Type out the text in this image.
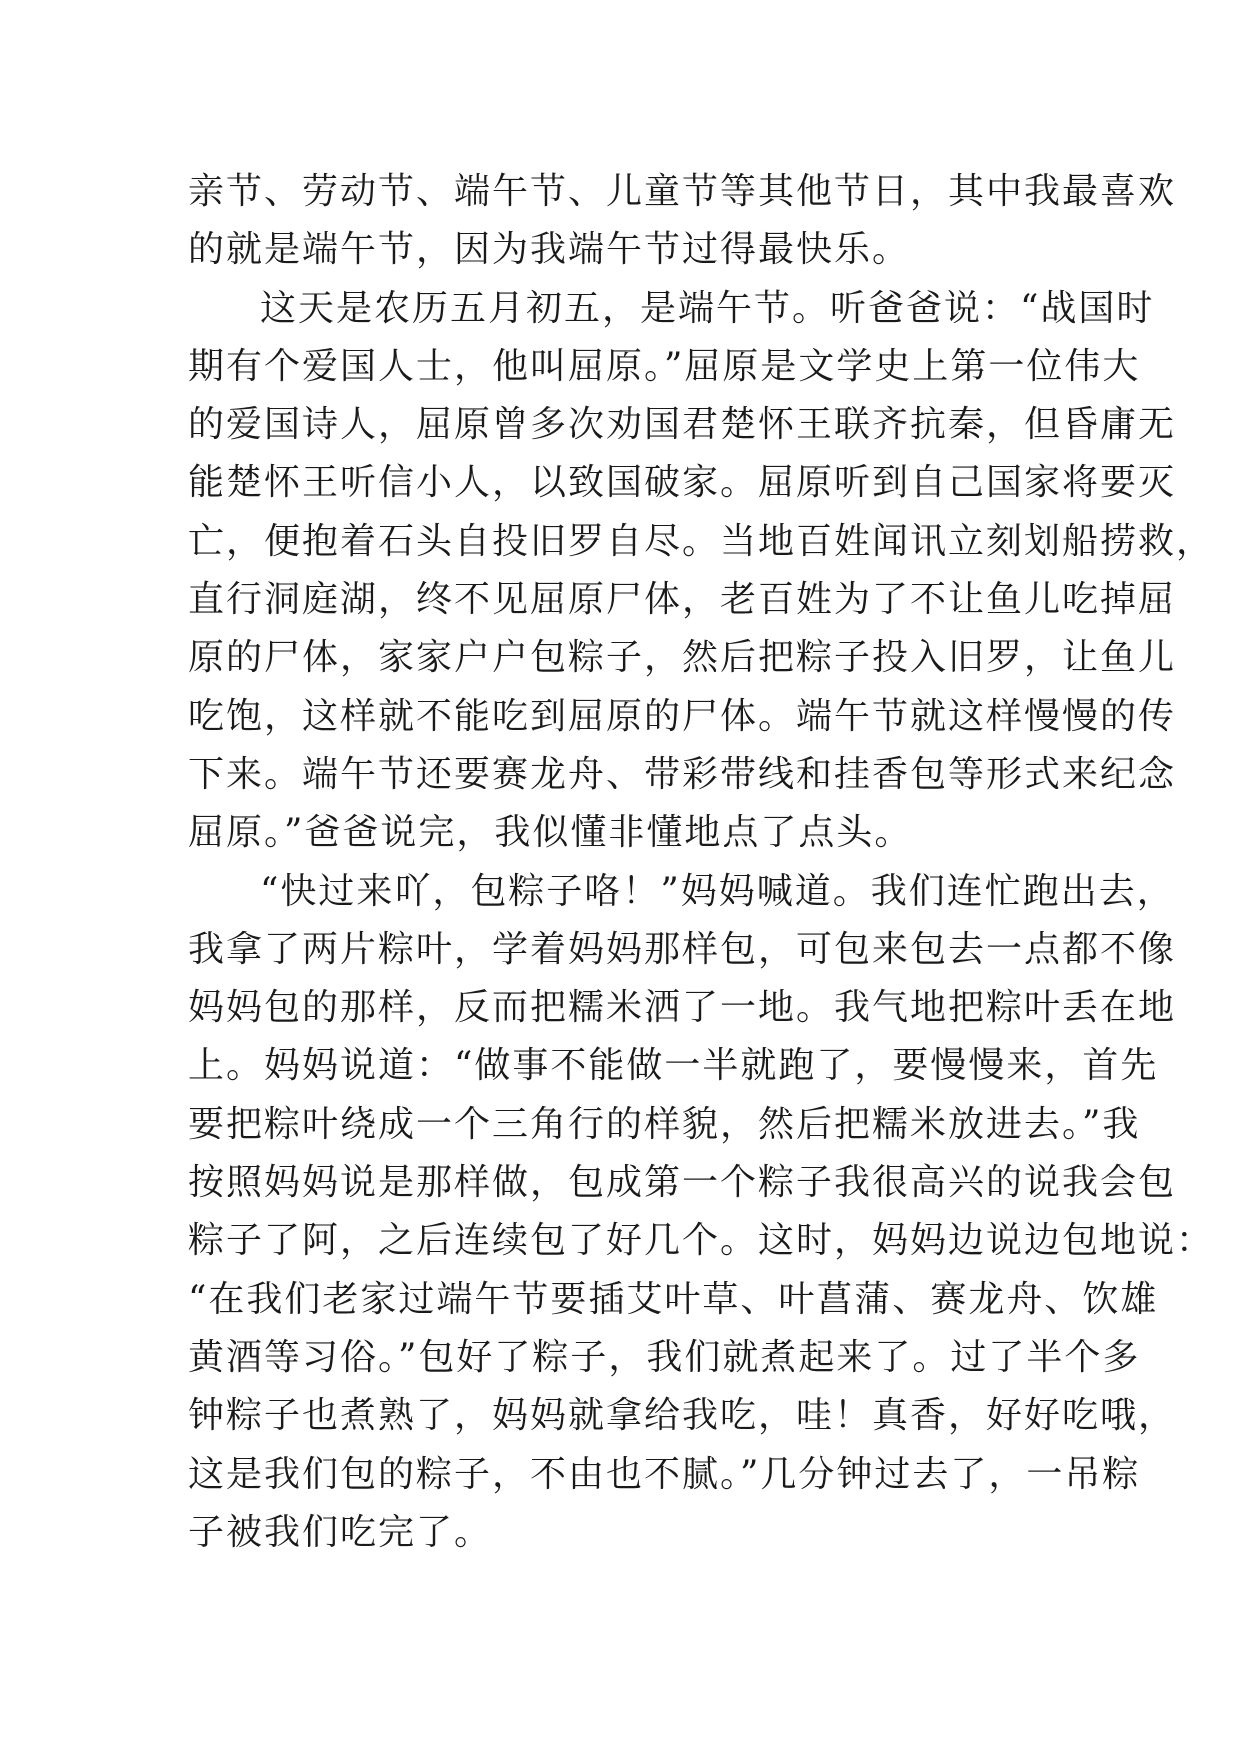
亲节、劳动节、端午节、儿童节等其他节日，其中我最喜欢
的就是端午节，因为我端午节过得最快乐。
这天是农历五月初五，是端午节。听爸爸说：“战国时
期有个爱国人士，他叫屈原。”屈原是文学史上第一位伟大
的爱国诗人，屈原曾多次劝国君楚怀王联齐抗秦，但昏庸无
能楚怀王听信小人，以致国破家。屈原听到自己国家将要灭
亡，便抱着石头自投旧罗自尽。当地百姓闻讯立刻划船捞救，
直行洞庭湖，终不见屈原尸体，老百姓为了不让鱼儿吃掉屈
原的尸体，家家户户包粽子，然后把粽子投入旧罗，让鱼儿
吃饱，这样就不能吃到屈原的尸体。端午节就这样慢慢的传
下来。端午节还要赛龙舟、带彩带线和挂香包等形式来纪念
屈原。”爸爸说完，我似懂非懂地点了点头。
“快过来吖，包粽子咯！”妈妈喊道。我们连忙跑出去，
我拿了两片粽叶，学着妈妈那样包，可包来包去一点都不像
妈妈包的那样，反而把糯米洒了一地。我气地把粽叶丢在地
上。妈妈说道：“做事不能做一半就跑了，要慢慢来，首先
要把粽叶绕成一个三角行的样貌，然后把糯米放进去。”我
按照妈妈说是那样做，包成第一个粽子我很高兴的说我会包
粽子了阿，之后连续包了好几个。这时，妈妈边说边包地说：
“在我们老家过端午节要插艾叶草、叶菖蒲、赛龙舟、饮雄
黄酒等习俗。”包好了粽子，我们就煮起来了。过了半个多
钟粽子也煮熟了，妈妈就拿给我吃，哇！真香，好好吃哦，
这是我们包的粽子，不由也不腻。”几分钟过去了，一吊粽
子被我们吃完了。
